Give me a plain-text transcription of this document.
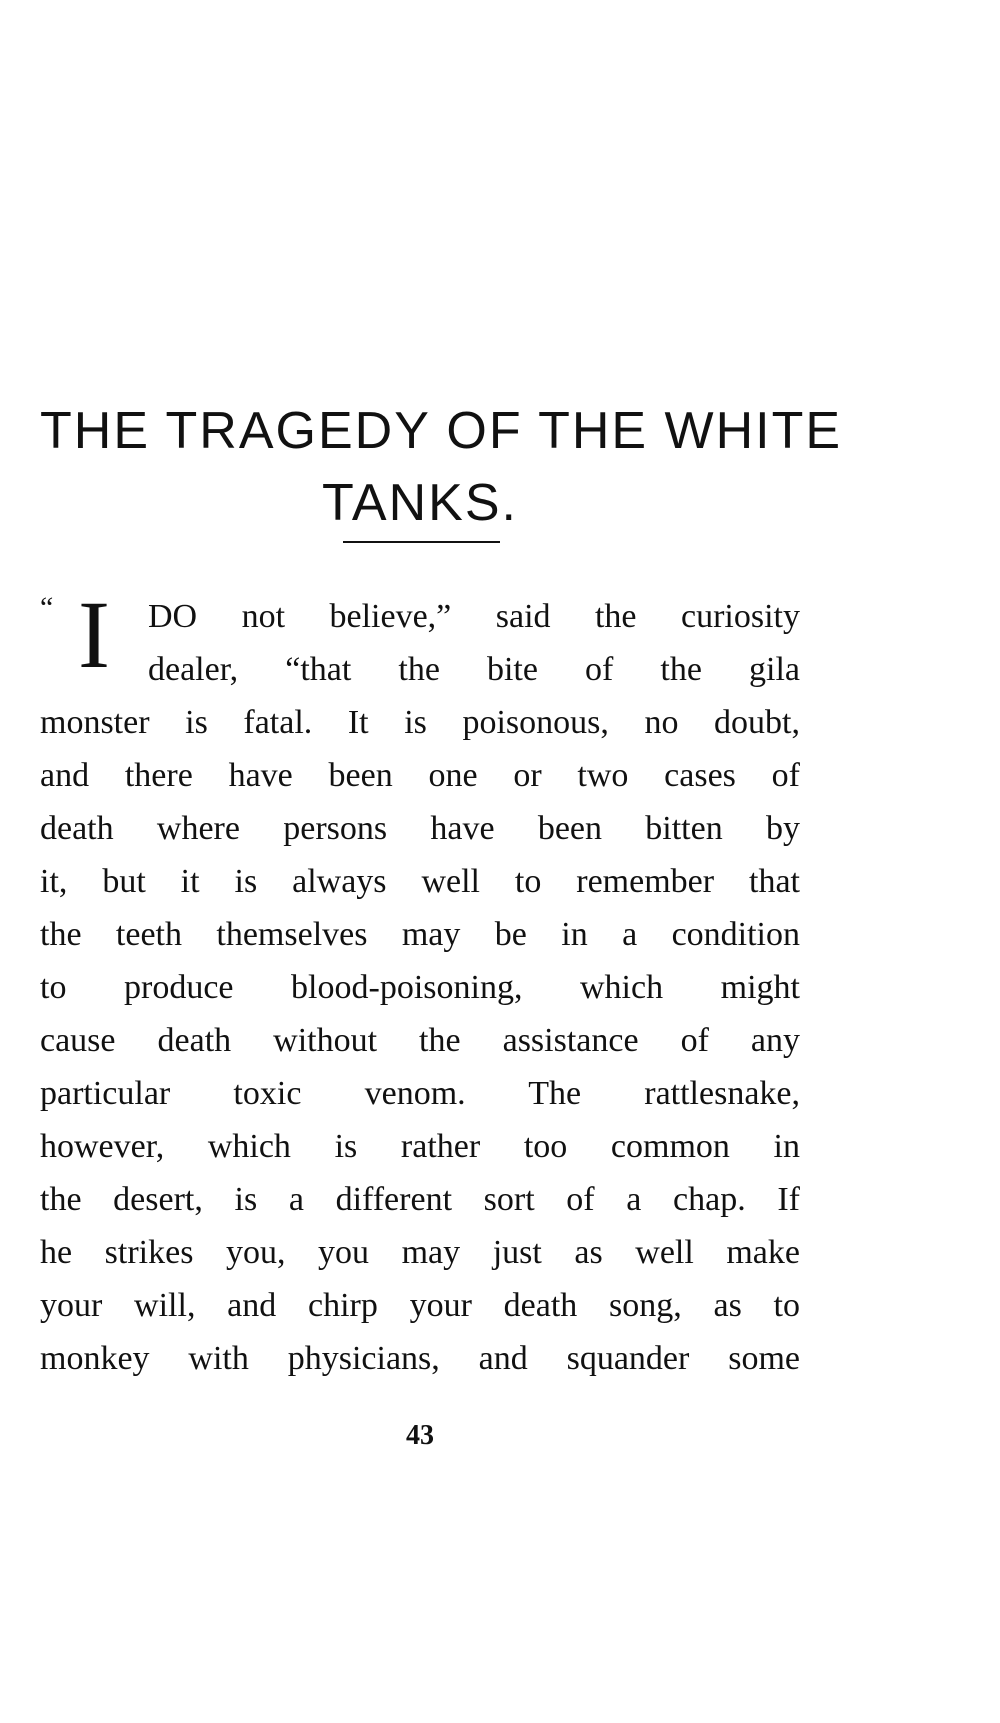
THE TRAGEDY OF THE WHITE
TANKS.
“ I	DO not believe,” said the curiosity
dealer, “that the bite of the gila
monster is fatal. It is poisonous, no doubt,
and there have been one or two cases of
death where persons have been bitten by
it, but it is always well to remember that
the teeth themselves may be in a condition
to produce blood-poisoning, which might
cause death without the assistance of any
particular toxic venom. The rattlesnake,
however, which is rather too common in
the desert, is a different sort of a chap. If
he strikes you, you may just as well make
your will, and chirp your death song, as to
monkey with physicians, and squander some
43
